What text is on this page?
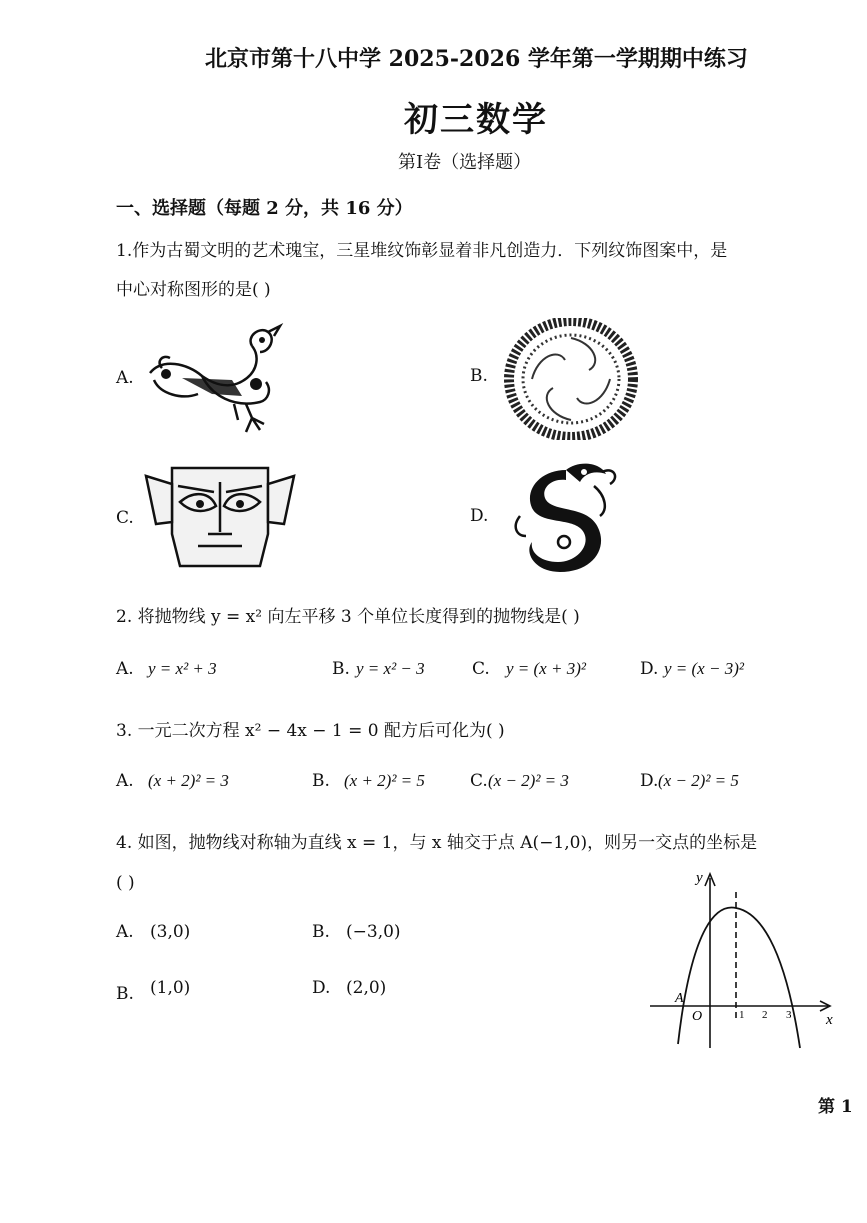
北京市第十八中学 2025-2026 学年第一学期期中练习
初三数学
第Ⅰ卷（选择题）
一、选择题（每题 2 分，共 16 分）
1.作为古蜀文明的艺术瑰宝，三星堆纹饰彰显着非凡创造力．下列纹饰图案中，是
中心对称图形的是( )
A.	B.
C.	D.
2. 将抛物线 y = x² 向左平移 3 个单位长度得到的抛物线是( )
A. y = x² + 3	B. y = x² − 3	C. y = (x + 3)²	D. y = (x − 3)²
3. 一元二次方程 x² − 4x − 1 = 0 配方后可化为( )
A. (x + 2)² = 3	B. (x + 2)² = 5	C. (x − 2)² = 3	D. (x − 2)² = 5
4. 如图，抛物线对称轴为直线 x = 1，与 x 轴交于点 A(−1,0)，则另一交点的坐标是
( )
A. (3,0)	B. (−3,0)
B. (1,0)	D. (2,0)
y
x
O
A
1 2 3
第 1
